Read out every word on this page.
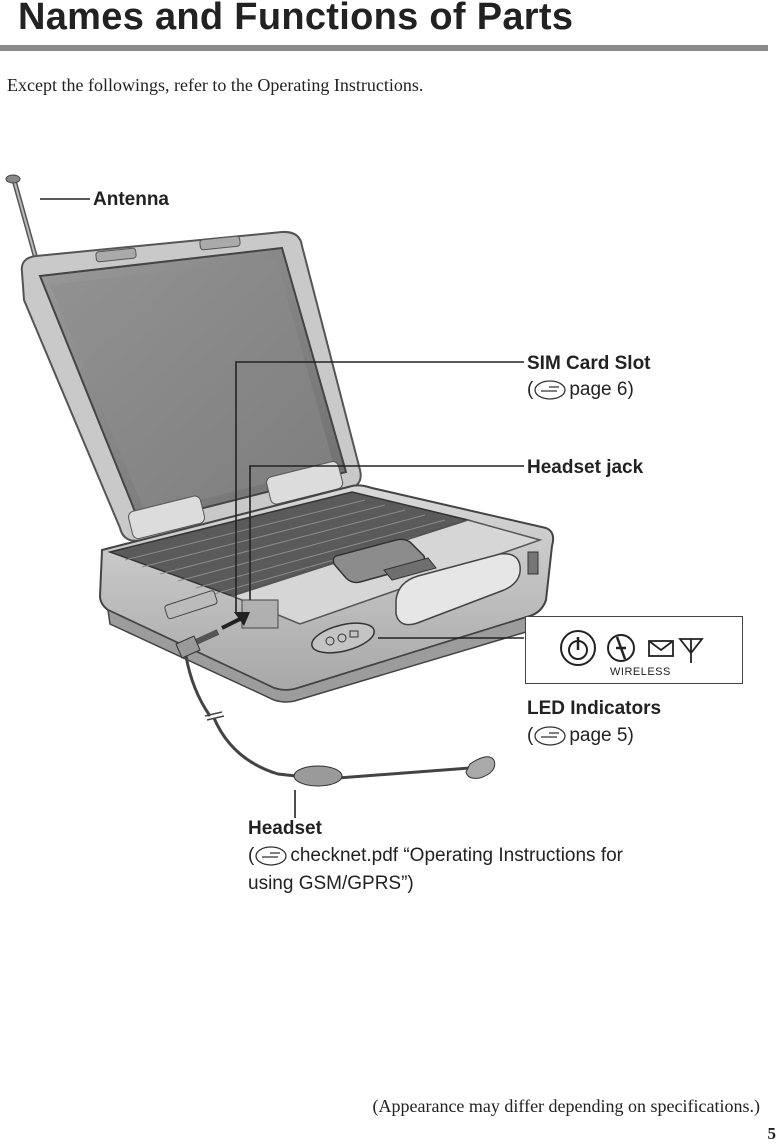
Names and Functions of Parts
Except the followings, refer to the Operating Instructions.
Antenna
SIM Card Slot
( page 6)
Headset jack
WIRELESS
LED Indicators
( page 5)
Headset
( checknet.pdf “Operating Instructions for
using GSM/GPRS”)
(Appearance may differ depending on specifications.)
5
